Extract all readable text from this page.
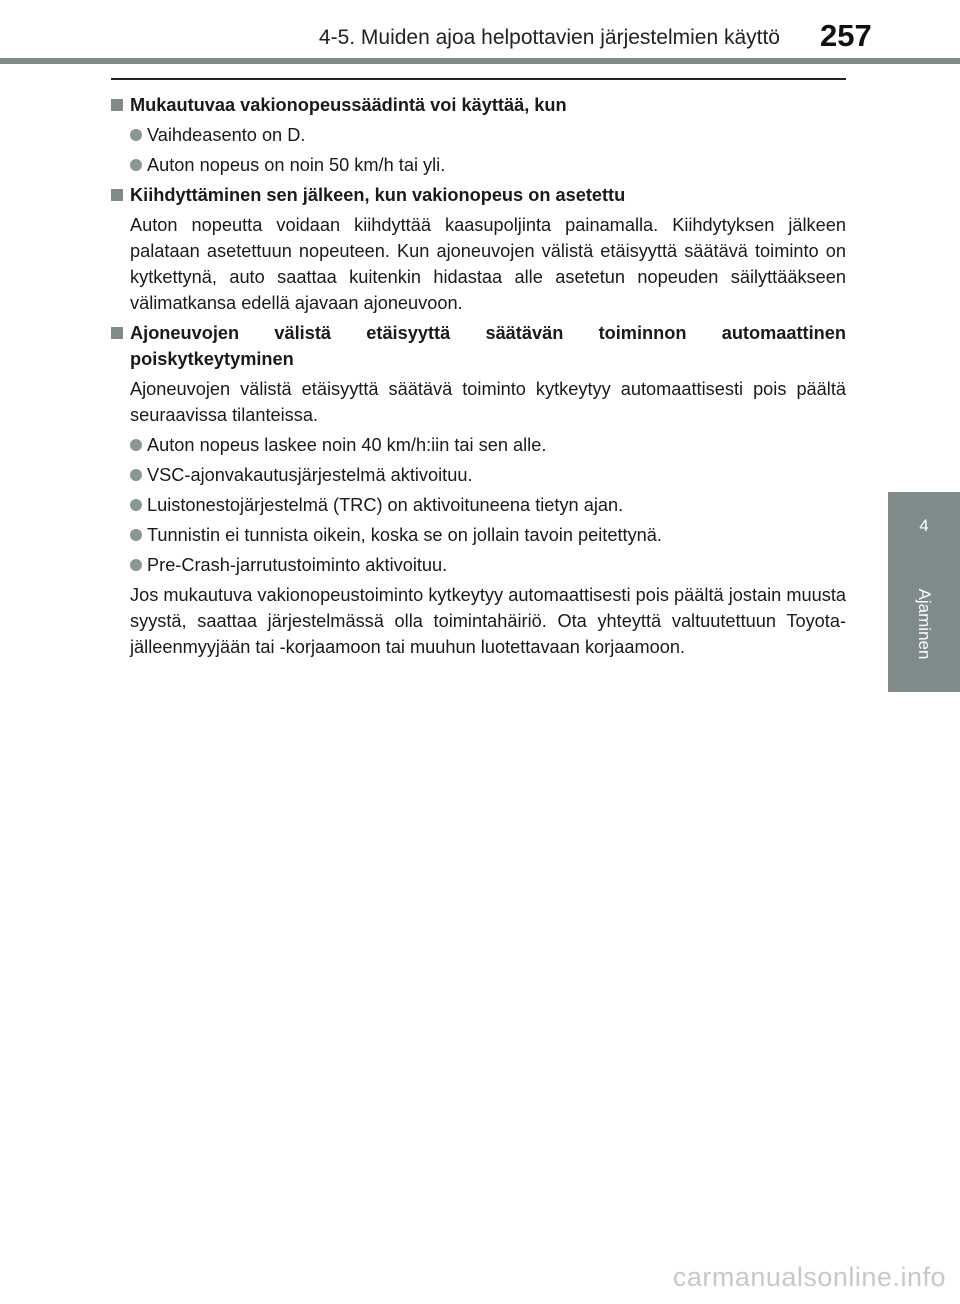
4-5. Muiden ajoa helpottavien järjestelmien käyttö 257
4
Ajaminen
Mukautuvaa vakionopeussäädintä voi käyttää, kun
Vaihdeasento on D.
Auton nopeus on noin 50 km/h tai yli.
Kiihdyttäminen sen jälkeen, kun vakionopeus on asetettu
Auton nopeutta voidaan kiihdyttää kaasupoljinta painamalla. Kiihdytyksen jälkeen palataan asetettuun nopeuteen. Kun ajoneuvojen välistä etäisyyttä säätävä toiminto on kytkettynä, auto saattaa kuitenkin hidastaa alle asetetun nopeuden säilyttääkseen välimatkansa edellä ajavaan ajoneuvoon.
Ajoneuvojen välistä etäisyyttä säätävän toiminnon automaattinen poiskytkeytyminen
Ajoneuvojen välistä etäisyyttä säätävä toiminto kytkeytyy automaattisesti pois päältä seuraavissa tilanteissa.
Auton nopeus laskee noin 40 km/h:iin tai sen alle.
VSC-ajonvakautusjärjestelmä aktivoituu.
Luistonestojärjestelmä (TRC) on aktivoituneena tietyn ajan.
Tunnistin ei tunnista oikein, koska se on jollain tavoin peitettynä.
Pre-Crash-jarrutustoiminto aktivoituu.
Jos mukautuva vakionopeustoiminto kytkeytyy automaattisesti pois päältä jostain muusta syystä, saattaa järjestelmässä olla toimintahäiriö. Ota yhteyttä valtuutettuun Toyota-jälleenmyyjään tai -korjaamoon tai muuhun luotettavaan korjaamoon.
carmanualsonline.info
